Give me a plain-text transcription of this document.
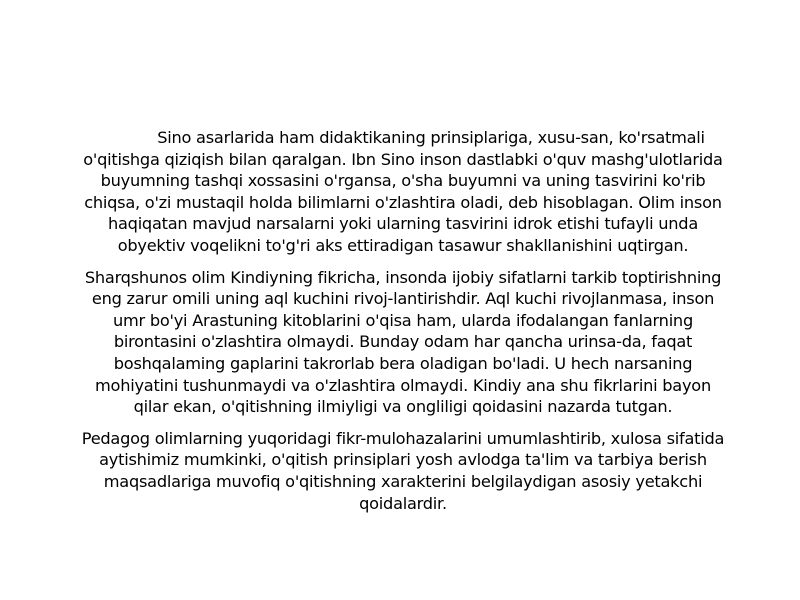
Sino asarlarida ham didaktikaning prinsiplariga, xusu-san, ko'rsatmali o'qitishga qiziqish bilan qaralgan. Ibn Sino inson dastlabki o'quv mashg'ulotlarida buyumning tashqi xossasini o'rgansa, o'sha buyumni va uning tasvirini ko'rib chiqsa, o'zi mustaqil holda bilimlarni o'zlashtira oladi, deb hisoblagan. Olim inson haqiqatan mavjud narsalarni yoki ularning tasvirini idrok etishi tufayli unda obyektiv voqelikni to'g'ri aks ettiradigan tasawur shakllanishini uqtirgan.

Sharqshunos olim Kindiyning fikricha, insonda ijobiy sifatlarni tarkib toptirishning eng zarur omili uning aql kuchini rivoj-lantirishdir. Aql kuchi rivojlanmasa, inson umr bo'yi Arastuning kitoblarini o'qisa ham, ularda ifodalangan fanlarning birontasini o'zlashtira olmaydi. Bunday odam har qancha urinsa-da, faqat boshqalaming gaplarini takrorlab bera oladigan bo'ladi. U hech narsaning mohiyatini tushunmaydi va o'zlashtira olmaydi. Kindiy ana shu fikrlarini bayon qilar ekan, o'qitishning ilmiyligi va ongliligi qoidasini nazarda tutgan.

Pedagog olimlarning yuqoridagi fikr-mulohazalarini umumlashtirib, xulosa sifatida aytishimiz mumkinki, o'qitish prinsiplari yosh avlodga ta'lim va tarbiya berish maqsadlariga muvofiq o'qitishning xarakterini belgilaydigan asosiy yetakchi qoidalardir.
